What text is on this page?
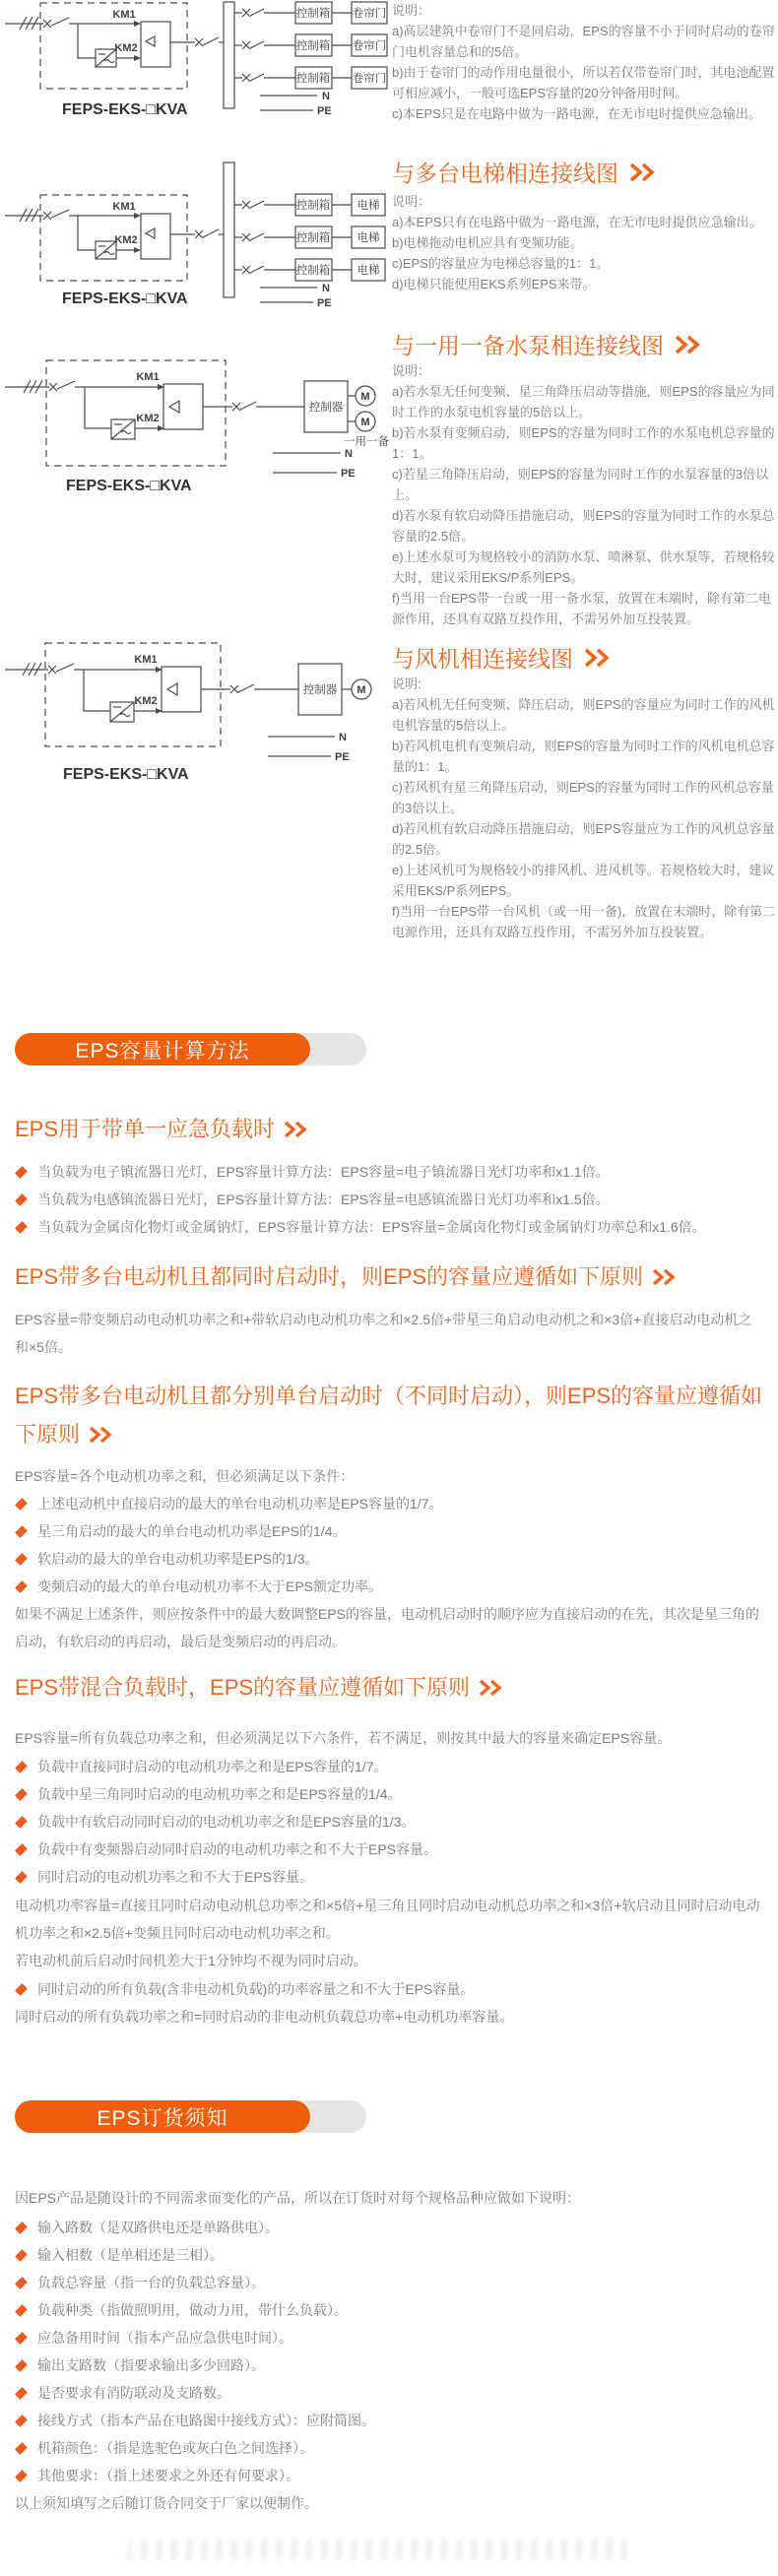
KM1
KM2
控制箱 卷帘门
控制箱 卷帘门
控制箱 卷帘门
N
PE
FEPS-EKS-□KVA

说明：

a)高层建筑中卷帘门不是同启动，EPS的容量不小于同时启动的卷帘门电机容量总和的5倍。

b)由于卷帘门的动作用电量很小，所以若仅带卷帘门时，其电池配置可相应减小，一般可选EPS容量的20分钟备用时间。

c)本EPS只是在电路中做为一路电源，在无市电时提供应急输出。

与多台电梯相连接线图

说明：

a)本EPS只有在电路中做为一路电源，在无市电时提供应急输出。

b)电梯拖动电机应具有变频功能。

c)EPS的容量应为电梯总容量的1：1。

d)电梯只能使用EKS系列EPS来带。

KM1
KM2
控制箱 电梯
控制箱 电梯
控制箱 电梯
N
PE
FEPS-EKS-□KVA
与一用一备水泵相连接线图

说明：

a)若水泵无任何变频、星三角降压启动等措施，则EPS的容量应为同时工作的水泵电机容量的5倍以上。

b)若水泵有变频启动，则EPS的容量为同时工作的水泵电机总容量的1：1。

c)若星三角降压启动，则EPS的容量为同时工作的水泵容量的3倍以上。

d)若水泵有软启动降压措施启动，则EPS的容量为同时工作的水泵总容量的2.5倍。

e)上述水泵可为规格较小的消防水泵、喷淋泵、供水泵等，若规格较大时，建议采用EKS/P系列EPS。

f)当用一台EPS带一台或一用一备水泵，放置在末端时，除有第二电源作用，还具有双路互投作用，不需另外加互投装置。

KM1
KM2
控制器
M
M
一用一备
N
PE
FEPS-EKS-□KVA
与风机相连接线图

说明:

a)若风机无任何变频、降压启动，则EPS的容量应为同时工作的风机电机容量的5倍以上。

b)若风机电机有变频启动，则EPS的容量为同时工作的风机电机总容量的1：1。

c)若风机有星三角降压启动，则EPS的容量为同时工作的风机总容量的3倍以上。

d)若风机有软启动降压措施启动，则EPS容量应为工作的风机总容量的2.5倍。

e)上述风机可为规格较小的排风机、进风机等。若规格较大时，建议采用EKS/P系列EPS。

f)当用一台EPS带一台风机（或一用一备)，放置在末端时，除有第二电源作用，还具有双路互投作用，不需另外加互投装置。

KM1
KM2
控制器 M
N
PE
FEPS-EKS-□KVA
EPS容量计算方法
EPS用于带单一应急负载时
当负载为电子镇流器日光灯，EPS容量计算方法：EPS容量=电子镇流器日光灯功率和x1.1倍。
当负载为电感镇流器日光灯，EPS容量计算方法：EPS容量=电感镇流器日光灯功率和x1.5倍。
当负载为金属卤化物灯或金属钠灯，EPS容量计算方法：EPS容量=金属卤化物灯或金属钠灯功率总和x1.6倍。
EPS带多台电动机且都同时启动时，则EPS的容量应遵循如下原则
EPS容量=带变频启动电动机功率之和+带软启动电动机功率之和×2.5倍+带星三角启动电动机之和×3倍+直接启动电动机之和×5倍。
EPS带多台电动机且都分别单台启动时（不同时启动），则EPS的容量应遵循如下原则
EPS容量=各个电动机功率之和，但必须满足以下条件：
上述电动机中直接启动的最大的单台电动机功率是EPS容量的1/7。
星三角启动的最大的单台电动机功率是EPS的1/4。
软启动的最大的单台电动机功率是EPS的1/3。
变频启动的最大的单台电动机功率不大于EPS额定功率。
如果不满足上述条件，则应按条件中的最大数调整EPS的容量，电动机启动时的顺序应为直接启动的在先，其次是星三角的启动，有软启动的再启动，最后是变频启动的再启动。
EPS带混合负载时，EPS的容量应遵循如下原则
EPS容量=所有负载总功率之和，但必须满足以下六条件，若不满足，则按其中最大的容量来确定EPS容量。
负载中直接同时启动的电动机功率之和是EPS容量的1/7。
负载中星三角同时启动的电动机功率之和是EPS容量的1/4。
负载中有软启动同时启动的电动机功率之和是EPS容量的1/3。
负载中有变频器启动同时启动的电动机功率之和不大于EPS容量。
同时启动的电动机功率之和不大于EPS容量。
电动机功率容量=直接且同时启动电动机总功率之和×5倍+星三角且同时启动电动机总功率之和×3倍+软启动且同时启动电动机功率之和×2.5倍+变频且同时启动电动机功率之和。
若电动机前后启动时间机差大于1分钟均不视为同时启动。
同时启动的所有负载(含非电动机负载)的功率容量之和不大于EPS容量。
同时启动的所有负载功率之和=同时启动的非电动机负载总功率+电动机功率容量。
EPS订货须知
因EPS产品是随设计的不同需求而变化的产品，所以在订货时对每个规格品种应做如下说明：
输入路数（是双路供电还是单路供电）。
输入相数（是单相还是三相）。
负载总容量（指一台的负载总容量）。
负载种类（指做照明用，做动力用，带什么负载）。
应急备用时间（指本产品应急供电时间）。
输出支路数（指要求输出多少回路）。
是否要求有消防联动及支路数。
接线方式（指本产品在电路图中接线方式）：应附简图。
机箱颜色：（指是选驼色或灰白色之间选择）。
其他要求：（指上述要求之外还有何要求）。
以上须知填写之后随订货合同交于厂家以便制作。
